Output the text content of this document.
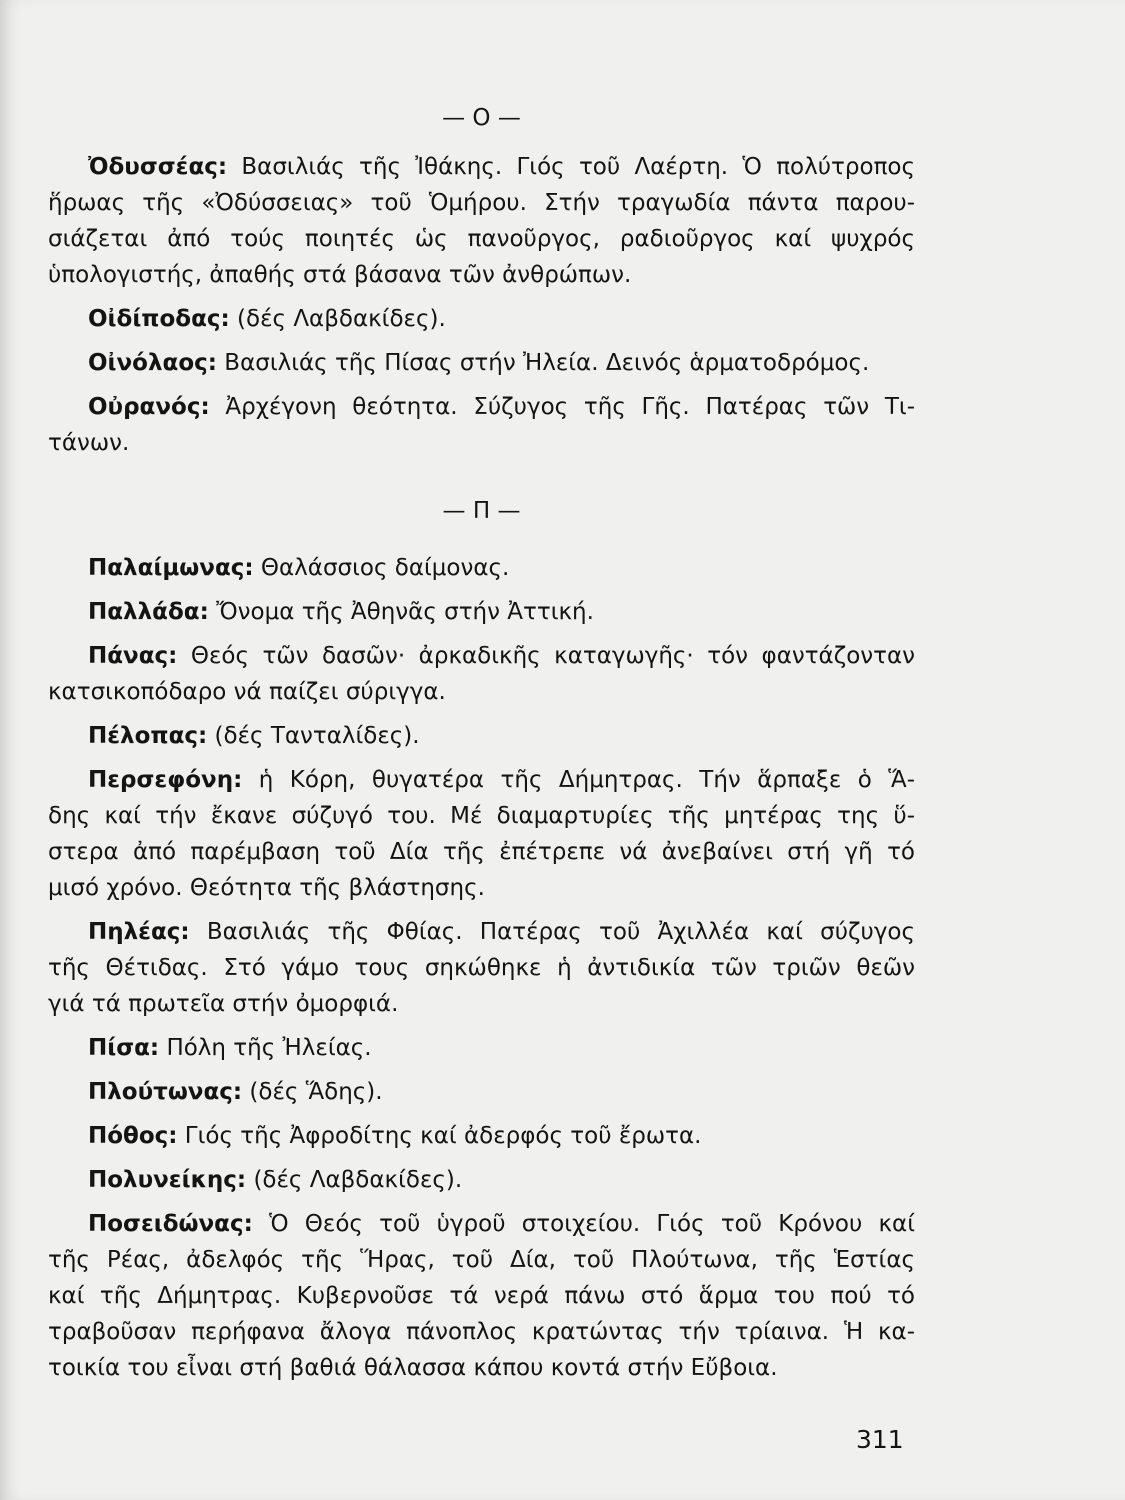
— Ο —
Ὀδυσσέας: Βασιλιάς τῆς Ἰθάκης. Γιός τοῦ Λαέρτη. Ὁ πολύτροπος
ἥρωας τῆς «Ὀδύσσειας» τοῦ Ὁμήρου. Στήν τραγωδία πάντα παρου-
σιάζεται ἀπό τούς ποιητές ὡς πανοῦργος, ραδιοῦργος καί ψυχρός
ὑπολογιστής, ἀπαθής στά βάσανα τῶν ἀνθρώπων.
Οἰδίποδας: (δές Λαβδακίδες).
Οἰνόλαος: Βασιλιάς τῆς Πίσας στήν Ἠλεία. Δεινός ἁρματοδρόμος.
Οὐρανός: Ἀρχέγονη θεότητα. Σύζυγος τῆς Γῆς. Πατέρας τῶν Τι-
τάνων.
— Π —
Παλαίμωνας: Θαλάσσιος δαίμονας.
Παλλάδα: Ὄνομα τῆς Ἀθηνᾶς στήν Ἀττική.
Πάνας: Θεός τῶν δασῶν· ἀρκαδικῆς καταγωγῆς· τόν φαντάζονταν
κατσικοπόδαρο νά παίζει σύριγγα.
Πέλοπας: (δές Τανταλίδες).
Περσεφόνη: ἡ Κόρη, θυγατέρα τῆς Δήμητρας. Τήν ἅρπαξε ὁ Ἅ-
δης καί τήν ἔκανε σύζυγό του. Μέ διαμαρτυρίες τῆς μητέρας της ὕ-
στερα ἀπό παρέμβαση τοῦ Δία τῆς ἐπέτρεπε νά ἀνεβαίνει στή γῆ τό
μισό χρόνο. Θεότητα τῆς βλάστησης.
Πηλέας: Βασιλιάς τῆς Φθίας. Πατέρας τοῦ Ἀχιλλέα καί σύζυγος
τῆς Θέτιδας. Στό γάμο τους σηκώθηκε ἡ ἀντιδικία τῶν τριῶν θεῶν
γιά τά πρωτεῖα στήν ὀμορφιά.
Πίσα: Πόλη τῆς Ἠλείας.
Πλούτωνας: (δές Ἅδης).
Πόθος: Γιός τῆς Ἀφροδίτης καί ἀδερφός τοῦ ἔρωτα.
Πολυνείκης: (δές Λαβδακίδες).
Ποσειδώνας: Ὁ Θεός τοῦ ὑγροῦ στοιχείου. Γιός τοῦ Κρόνου καί
τῆς Ρέας, ἀδελφός τῆς Ἥρας, τοῦ Δία, τοῦ Πλούτωνα, τῆς Ἑστίας
καί τῆς Δήμητρας. Κυβερνοῦσε τά νερά πάνω στό ἅρμα του πού τό
τραβοῦσαν περήφανα ἄλογα πάνοπλος κρατώντας τήν τρίαινα. Ἡ κα-
τοικία του εἶναι στή βαθιά θάλασσα κάπου κοντά στήν Εὔβοια.
311
